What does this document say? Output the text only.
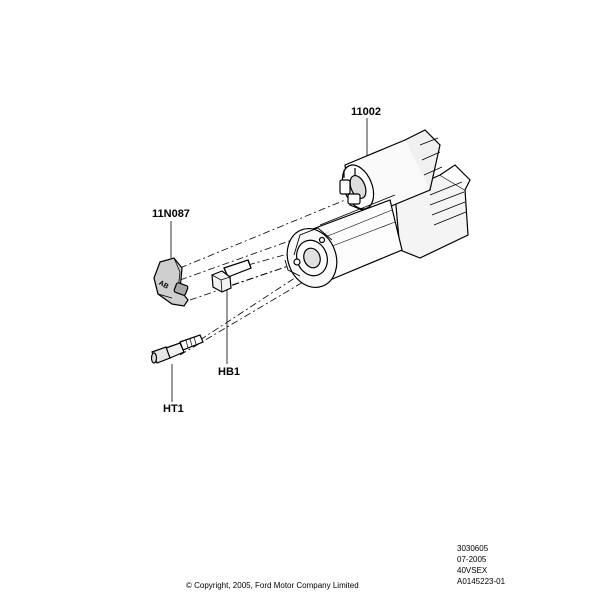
AB
11002
11N087
HB1
HT1
3030605
07-2005
40VSEX
A0145223-01
© Copyright, 2005, Ford Motor Company Limited
